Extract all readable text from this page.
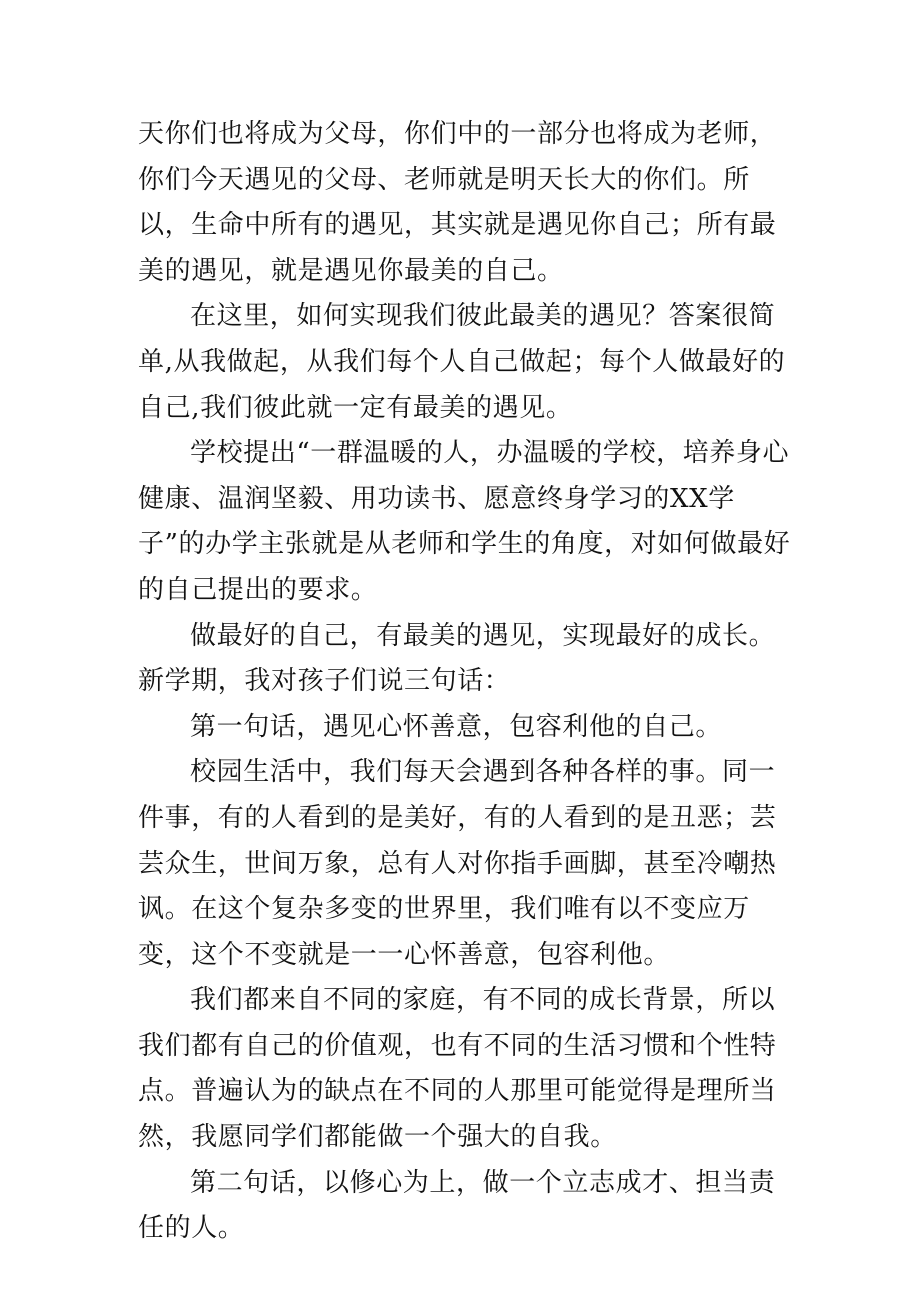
天你们也将成为父母，你们中的一部分也将成为老师，你们今天遇见的父母、老师就是明天长大的你们。所以，生命中所有的遇见，其实就是遇见你自己；所有最美的遇见，就是遇见你最美的自己。

在这里，如何实现我们彼此最美的遇见？答案很简单,从我做起，从我们每个人自己做起；每个人做最好的自己,我们彼此就一定有最美的遇见。

学校提出“一群温暖的人，办温暖的学校，培养身心健康、温润坚毅、用功读书、愿意终身学习的XX学子”的办学主张就是从老师和学生的角度，对如何做最好的自己提出的要求。

做最好的自己，有最美的遇见，实现最好的成长。新学期，我对孩子们说三句话：

第一句话，遇见心怀善意，包容利他的自己。

校园生活中，我们每天会遇到各种各样的事。同一件事，有的人看到的是美好，有的人看到的是丑恶；芸芸众生，世间万象，总有人对你指手画脚，甚至冷嘲热讽。在这个复杂多变的世界里，我们唯有以不变应万变，这个不变就是一一心怀善意，包容利他。

我们都来自不同的家庭，有不同的成长背景，所以我们都有自己的价值观，也有不同的生活习惯和个性特点。普遍认为的缺点在不同的人那里可能觉得是理所当然，我愿同学们都能做一个强大的自我。

第二句话，以修心为上，做一个立志成才、担当责任的人。
